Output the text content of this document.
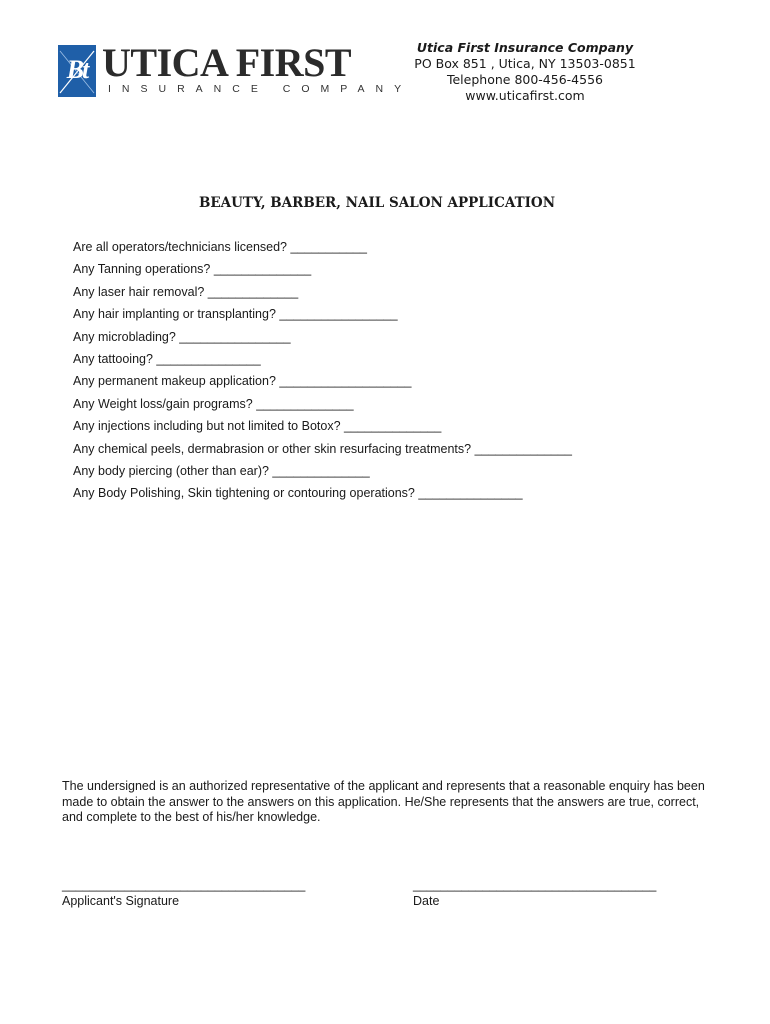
Bt UTICA FIRST
INSURANCE COMPANY
Utica First Insurance Company
PO Box 851 , Utica, NY 13503-0851
Telephone 800-456-4556
www.uticafirst.com
BEAUTY, BARBER, NAIL SALON APPLICATION
Are all operators/technicians licensed? ___________
Any Tanning operations? ______________
Any laser hair removal? _____________
Any hair implanting or transplanting? _________________
Any microblading? ________________
Any tattooing? _______________
Any permanent makeup application? ___________________
Any Weight loss/gain programs? ______________
Any injections including but not limited to Botox? ______________
Any chemical peels, dermabrasion or other skin resurfacing treatments? ______________
Any body piercing (other than ear)? ______________
Any Body Polishing, Skin tightening or contouring operations? _______________
The undersigned is an authorized representative of the applicant and represents that a reasonable enquiry has been made to obtain the answer to the answers on this application. He/She represents that the answers are true, correct, and complete to the best of his/her knowledge.
___________________________________	___________________________________
Applicant's Signature	Date
